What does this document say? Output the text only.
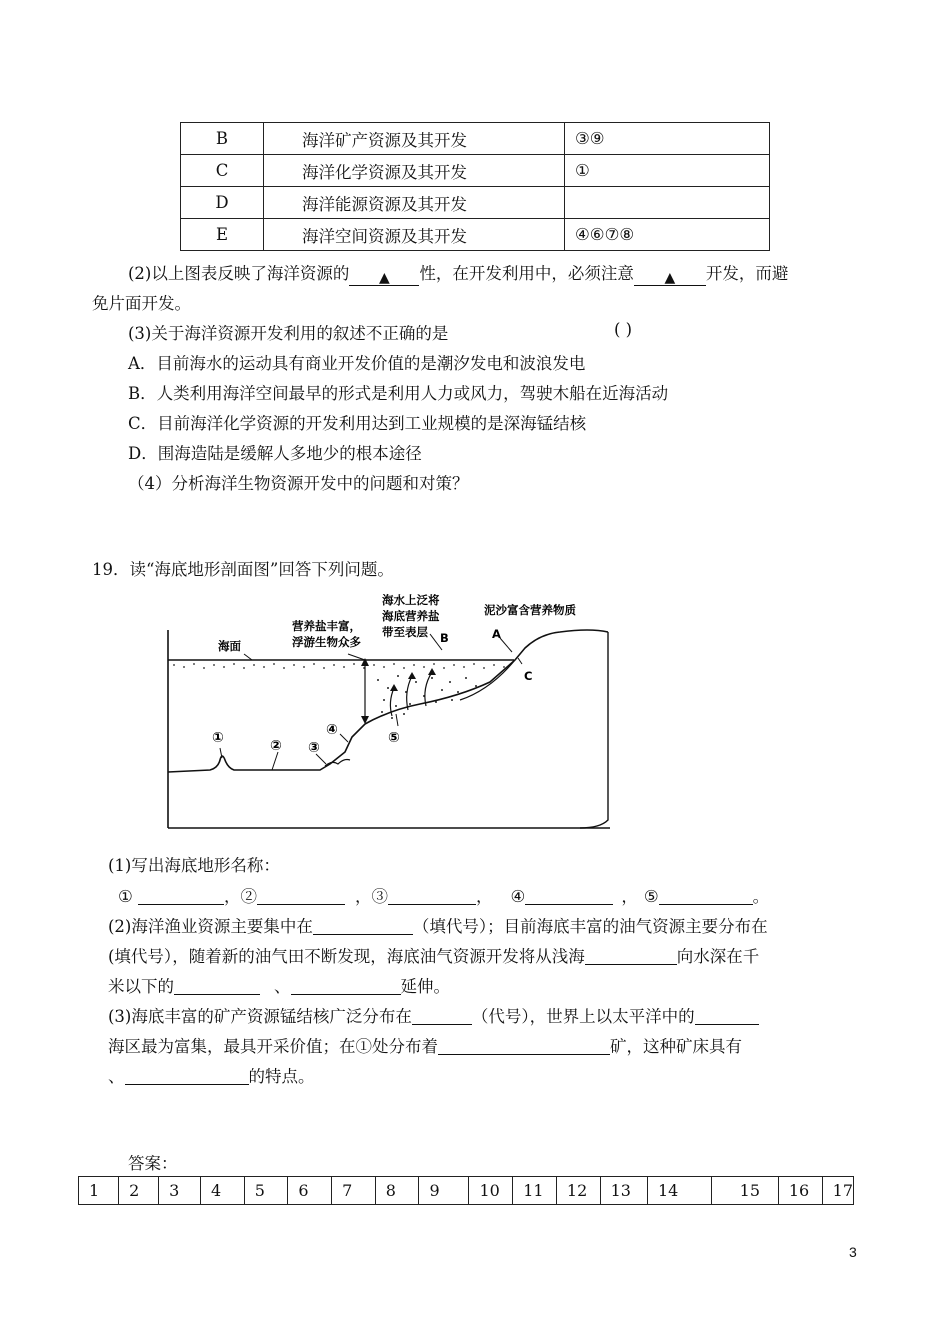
B	海洋矿产资源及其开发	③⑨
C	海洋化学资源及其开发	①
D	海洋能源资源及其开发	
E	海洋空间资源及其开发	④⑥⑦⑧
(2)以上图表反映了海洋资源的 ▲ 性，在开发利用中，必须注意 ▲ 开发，而避
免片面开发。
(3)关于海洋资源开发利用的叙述不正确的是	( )
A．目前海水的运动具有商业开发价值的是潮汐发电和波浪发电
B．人类利用海洋空间最早的形式是利用人力或风力，驾驶木船在近海活动
C．目前海洋化学资源的开发利用达到工业规模的是深海锰结核
D．围海造陆是缓解人多地少的根本途径
（4）分析海洋生物资源开发中的问题和对策？
19．读“海底地形剖面图”回答下列问题。
海面
营养盐丰富，
浮游生物众多
海水上泛将
海底营养盐
带至表层 B
泥沙富含营养物质
A
C
①	② ③
④	⑤
(1)写出海底地形名称：
①	，②	，③	， ④	， ⑤	。
(2)海洋渔业资源主要集中在	（填代号）；目前海底丰富的油气资源主要分布在
(填代号），随着新的油气田不断发现，海底油气资源开发将从浅海	向水深在千
米以下的	、	延伸。
(3)海底丰富的矿产资源锰结核广泛分布在	（代号），世界上以太平洋中的
海区最为富集，最具开采价值；在①处分布着	矿，这种矿床具有
、	的特点。
答案：
1	2	3	4	5	6	7	8	9	10	11	12	13	14	15	16	17
3
